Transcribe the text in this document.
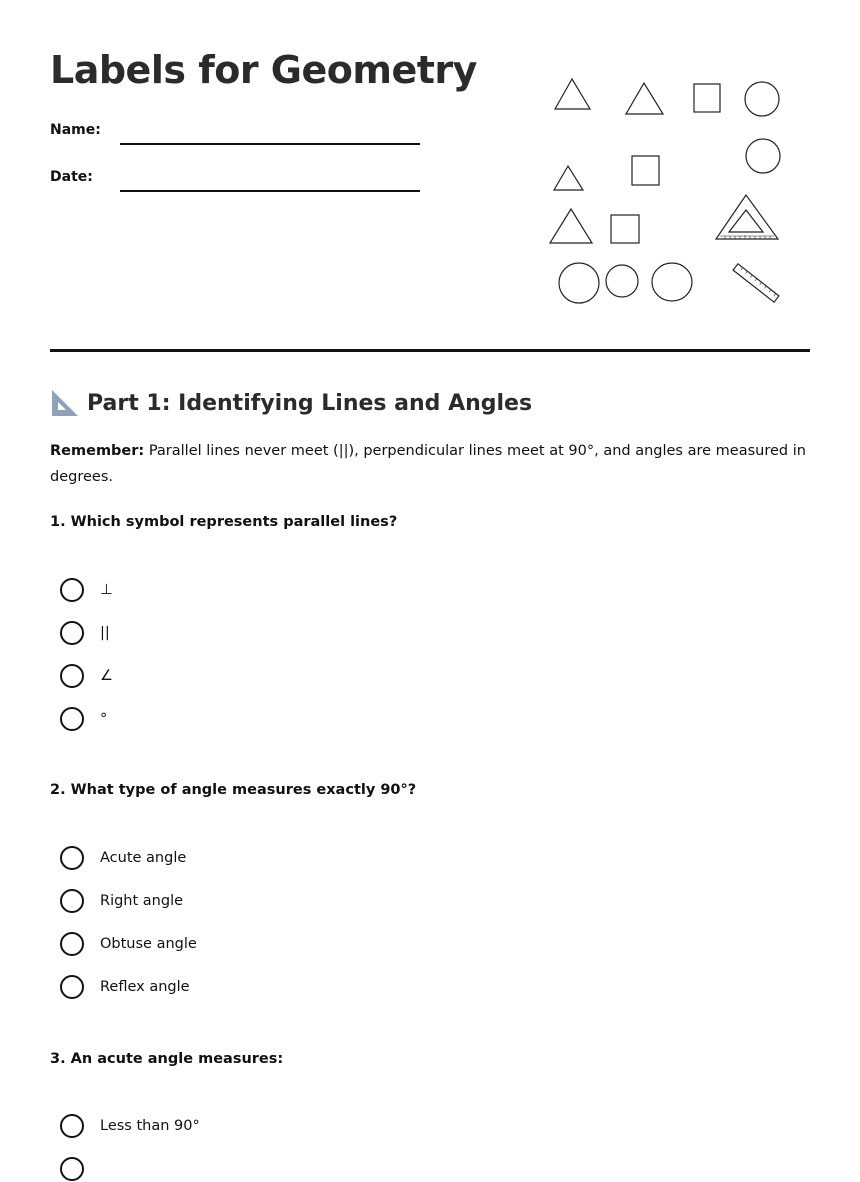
Labels for Geometry
Name:
Date:
Part 1: Identifying Lines and Angles
Remember: Parallel lines never meet (||), perpendicular lines meet at 90°, and angles are measured in degrees.
1. Which symbol represents parallel lines?
⊥
||
∠
°
2. What type of angle measures exactly 90°?
Acute angle
Right angle
Obtuse angle
Reflex angle
3. An acute angle measures:
Less than 90°
